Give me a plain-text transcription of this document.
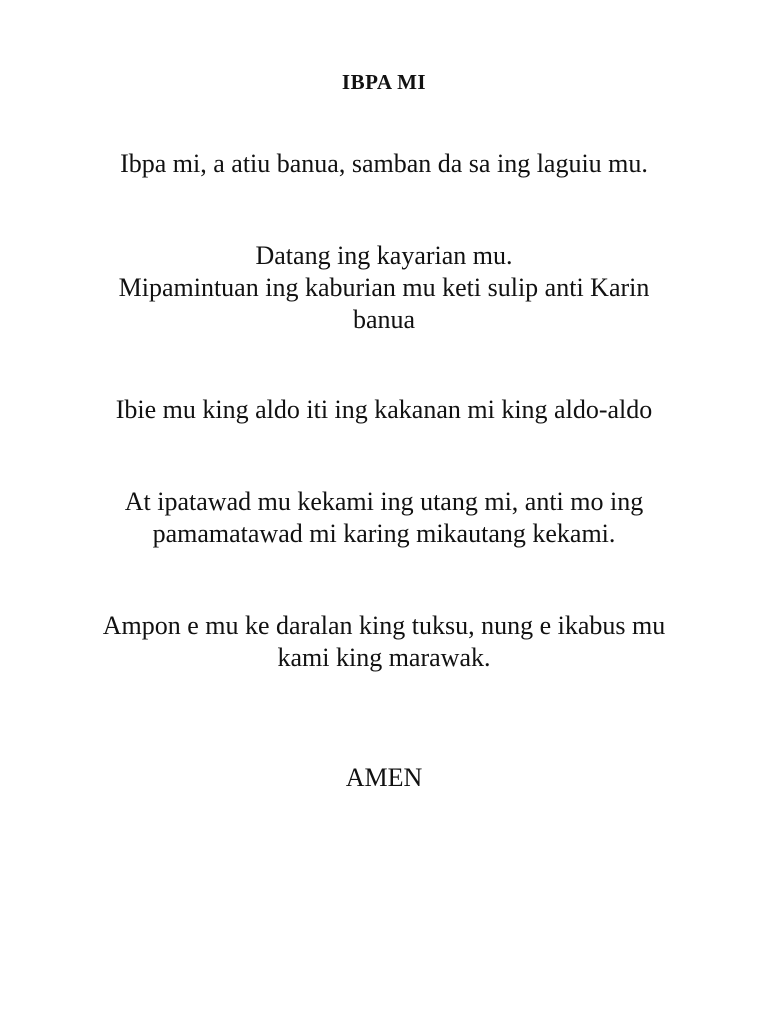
IBPA MI
Ibpa mi, a atiu banua, samban da sa ing laguiu mu.
Datang ing kayarian mu.
Mipamintuan ing kaburian mu keti sulip anti Karin
banua
Ibie mu king aldo iti ing kakanan mi king aldo-aldo
At ipatawad mu kekami ing utang mi, anti mo ing
pamamatawad mi karing mikautang kekami.
Ampon e mu ke daralan king tuksu, nung e ikabus mu
kami king marawak.
AMEN
